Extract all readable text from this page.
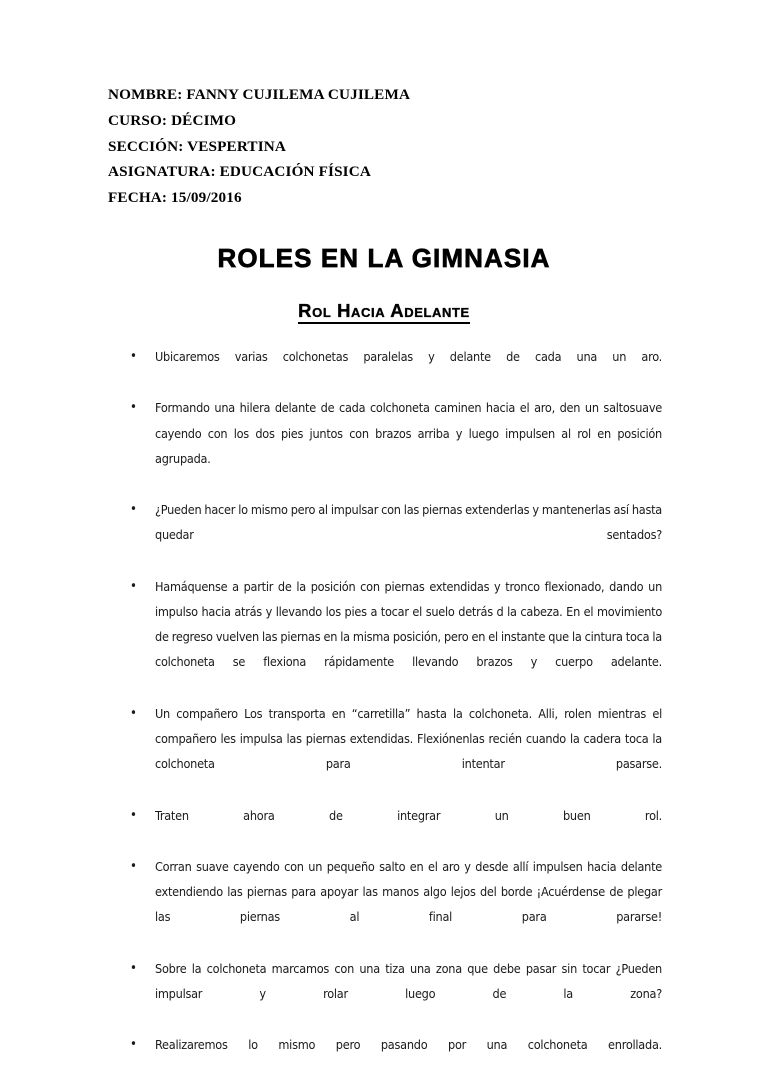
NOMBRE: FANNY CUJILEMA CUJILEMA
CURSO: DÉCIMO
SECCIÓN: VESPERTINA
ASIGNATURA: EDUCACIÓN FÍSICA
FECHA: 15/09/2016
ROLES EN LA GIMNASIA
Rol Hacia Adelante
•	Ubicaremos varias colchonetas paralelas y delante de cada una un aro.
•	Formando una hilera delante de cada colchoneta caminen hacia el aro, den un saltosuave cayendo con los dos pies juntos con brazos arriba y luego impulsen al rol en posición agrupada.
•	¿Pueden hacer lo mismo pero al impulsar con las piernas extenderlas y mantenerlas así hasta quedar sentados?
•	Hamáquense a partir de la posición con piernas extendidas y tronco flexionado, dando un impulso hacia atrás y llevando los pies a tocar el suelo detrás d la cabeza. En el movimiento de regreso vuelven las piernas en la misma posición, pero en el instante que la cintura toca la colchoneta se flexiona rápidamente llevando brazos y cuerpo adelante.
•	Un compañero Los transporta en “carretilla” hasta la colchoneta. Alli, rolen mientras el compañero les impulsa las piernas extendidas. Flexiónenlas recién cuando la cadera toca la colchoneta para intentar pasarse.
•	Traten ahora de integrar un buen rol.
•	Corran suave cayendo con un pequeño salto en el aro y desde allí impulsen hacia delante extendiendo las piernas para apoyar las manos algo lejos del borde ¡Acuérdense de plegar las piernas al final para pararse!
•	Sobre la colchoneta marcamos con una tiza una zona que debe pasar sin tocar ¿Pueden impulsar y rolar luego de la zona?
•	Realizaremos lo mismo pero pasando por una colchoneta enrollada.
